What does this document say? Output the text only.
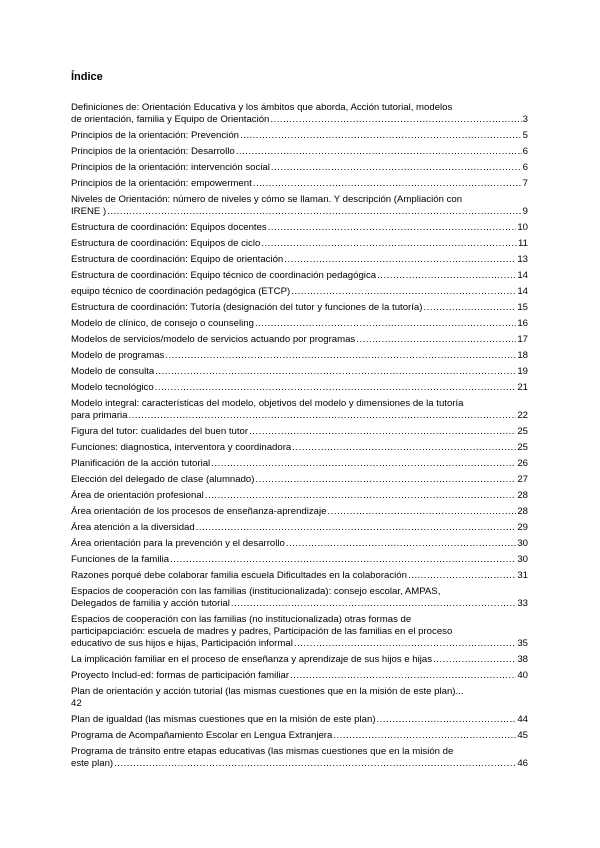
Índice
Definiciones de: Orientación Educativa y los ámbitos que aborda, Acción tutorial, modelos
de orientación, familia y Equipo de Orientación .....	3
Principios de la orientación: Prevención .....	5
Principios de la orientación: Desarrollo .....	6
Principios de la orientación: intervención social .....	6
Principios de la orientación: empowerment .....	7
Niveles de Orientación: número de niveles y cómo se llaman. Y descripción (Ampliación con
IRENE ) .....	9
Estructura de coordinación: Equipos docentes .....	10
Estructura de coordinación: Equipos de ciclo .....	11
Estructura de coordinación: Equipo de orientación .....	13
Estructura de coordinación: Equipo técnico de coordinación pedagógica .....	14
equipo técnico de coordinación pedagógica (ETCP) .....	14
Estructura de coordinación: Tutoría (designación del tutor y funciones de la tutoría) .....	15
Modelo de clínico, de consejo o counseling .....	16
Modelos de servicios/modelo de servicios actuando por programas .....	17
Modelo de programas .....	18
Modelo de consulta .....	19
Modelo tecnológico .....	21
Modelo integral: características del modelo, objetivos del modelo y dimensiones de la tutoría
para primaria .....	22
Figura del tutor: cualidades del buen tutor .....	25
Funciones: diagnostica, interventora y coordinadora .....	25
Planificación de la acción tutorial .....	26
Elección del delegado de clase (alumnado) .....	27
Área de orientación profesional .....	28
Área orientación de los procesos de enseñanza-aprendizaje .....	28
Área atención a la diversidad .....	29
Área orientación para la prevención y el desarrollo .....	30
Funciones de la familia .....	30
Razones porqué debe colaborar familia escuela Dificultades en la colaboración .....	31
Espacios de cooperación con las familias (institucionalizada): consejo escolar, AMPAS,
Delegados de familia y acción tutorial .....	33
Espacios de cooperación con las familias (no institucionalizada) otras formas de
participapciación: escuela de madres y padres, Participación de las familias en el proceso
educativo de sus hijos e hijas, Participación informal .....	35
La implicación familiar en el proceso de enseñanza y aprendizaje de sus hijos e hijas .....	38
Proyecto Includ-ed: formas de participación familiar .....	40
Plan de orientación y acción tutorial (las mismas cuestiones que en la misión de este plan)...
42
Plan de igualdad (las mismas cuestiones que en la misión de este plan) .....	44
Programa de Acompañamiento Escolar en Lengua Extranjera .....	45
Programa de tránsito entre etapas educativas (las mismas cuestiones que en la misión de
este plan) .....	46
